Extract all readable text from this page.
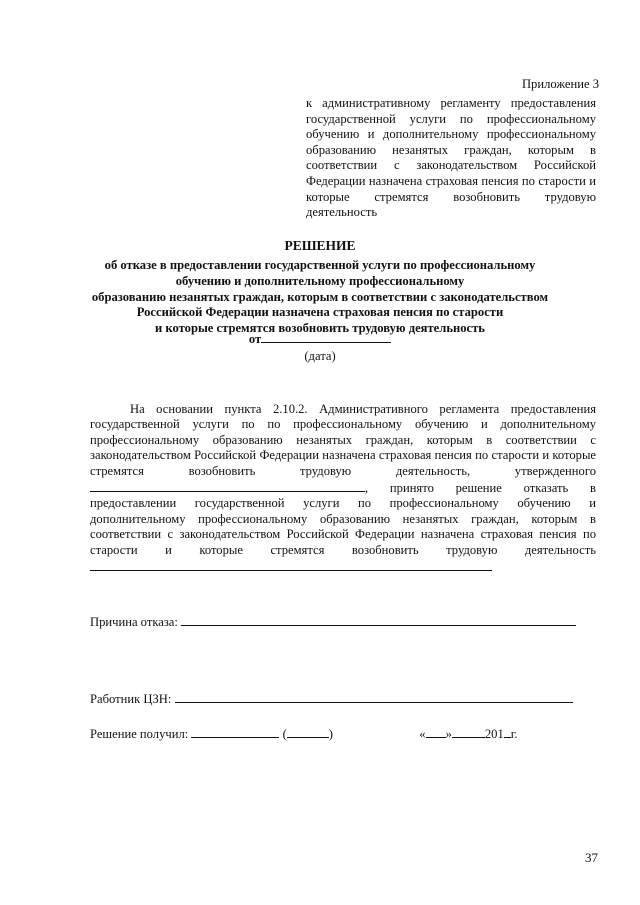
Приложение 3
к административному регламенту предоставления государственной услуги по профессиональному обучению и дополнительному профессиональному образованию незанятых граждан, которым в соответствии с законодательством Российской Федерации назначена страховая пенсия по старости и которые стремятся возобновить трудовую деятельность
РЕШЕНИЕ
об отказе в предоставлении государственной услуги по профессиональному
обучению и дополнительному профессиональному
образованию незанятых граждан, которым в соответствии с законодательством
Российской Федерации назначена страховая пенсия по старости
и которые стремятся возобновить трудовую деятельность
от
(дата)
На основании пункта 2.10.2. Административного регламента предоставления государственной услуги по по профессиональному обучению и дополнительному профессиональному образованию незанятых граждан, которым в соответствии с законодательством Российской Федерации назначена страховая пенсия по старости и которые стремятся возобновить трудовую деятельность, утвержденного , принято решение отказать в предоставлении государственной услуги по профессиональному обучению и дополнительному профессиональному образованию незанятых граждан, которым в соответствии с законодательством Российской Федерации назначена страховая пенсия по старости и которые стремятся возобновить трудовую деятельность
Причина отказа:
Работник ЦЗН:
Решение получил:	(	)	« »	201 г.
37
